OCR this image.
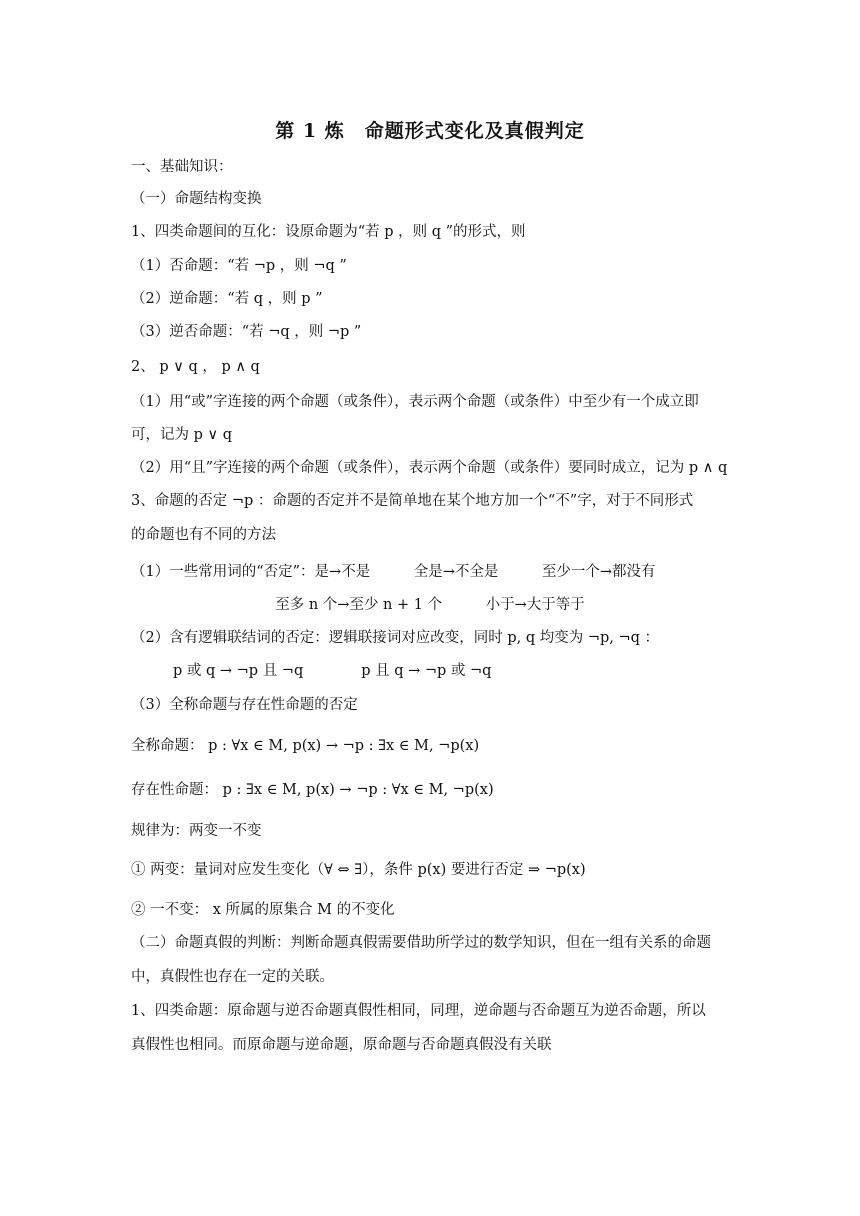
第 1 炼　命题形式变化及真假判定
一、基础知识：
（一）命题结构变换
1、四类命题间的互化：设原命题为“若 p ，则 q ”的形式，则
（1）否命题：“若 ¬p ，则 ¬q ”
（2）逆命题：“若 q ，则 p ”
（3）逆否命题：“若 ¬q ，则 ¬p ”
2、 p ∨ q ， p ∧ q
（1）用“或”字连接的两个命题（或条件），表示两个命题（或条件）中至少有一个成立即
可，记为 p ∨ q
（2）用“且”字连接的两个命题（或条件），表示两个命题（或条件）要同时成立，记为 p ∧ q
3、命题的否定 ¬p ：命题的否定并不是简单地在某个地方加一个“不”字，对于不同形式
的命题也有不同的方法
（1）一些常用词的“否定”：是→不是　　　全是→不全是　　　至少一个→都没有
至多 n 个→至少 n + 1 个　　　小于→大于等于
（2）含有逻辑联结词的否定：逻辑联接词对应改变，同时 p, q 均变为 ¬p, ¬q ：
p 或 q → ¬p 且 ¬q　　　　p 且 q → ¬p 或 ¬q
（3）全称命题与存在性命题的否定
全称命题： p : ∀x ∈ M, p(x) → ¬p : ∃x ∈ M, ¬p(x)
存在性命题： p : ∃x ∈ M, p(x) → ¬p : ∀x ∈ M, ¬p(x)
规律为：两变一不变
① 两变：量词对应发生变化（∀ ⇔ ∃），条件 p(x) 要进行否定 ⇒ ¬p(x)
② 一不变： x 所属的原集合 M 的不变化
（二）命题真假的判断：判断命题真假需要借助所学过的数学知识，但在一组有关系的命题
中，真假性也存在一定的关联。
1、四类命题：原命题与逆否命题真假性相同，同理，逆命题与否命题互为逆否命题，所以
真假性也相同。而原命题与逆命题，原命题与否命题真假没有关联
